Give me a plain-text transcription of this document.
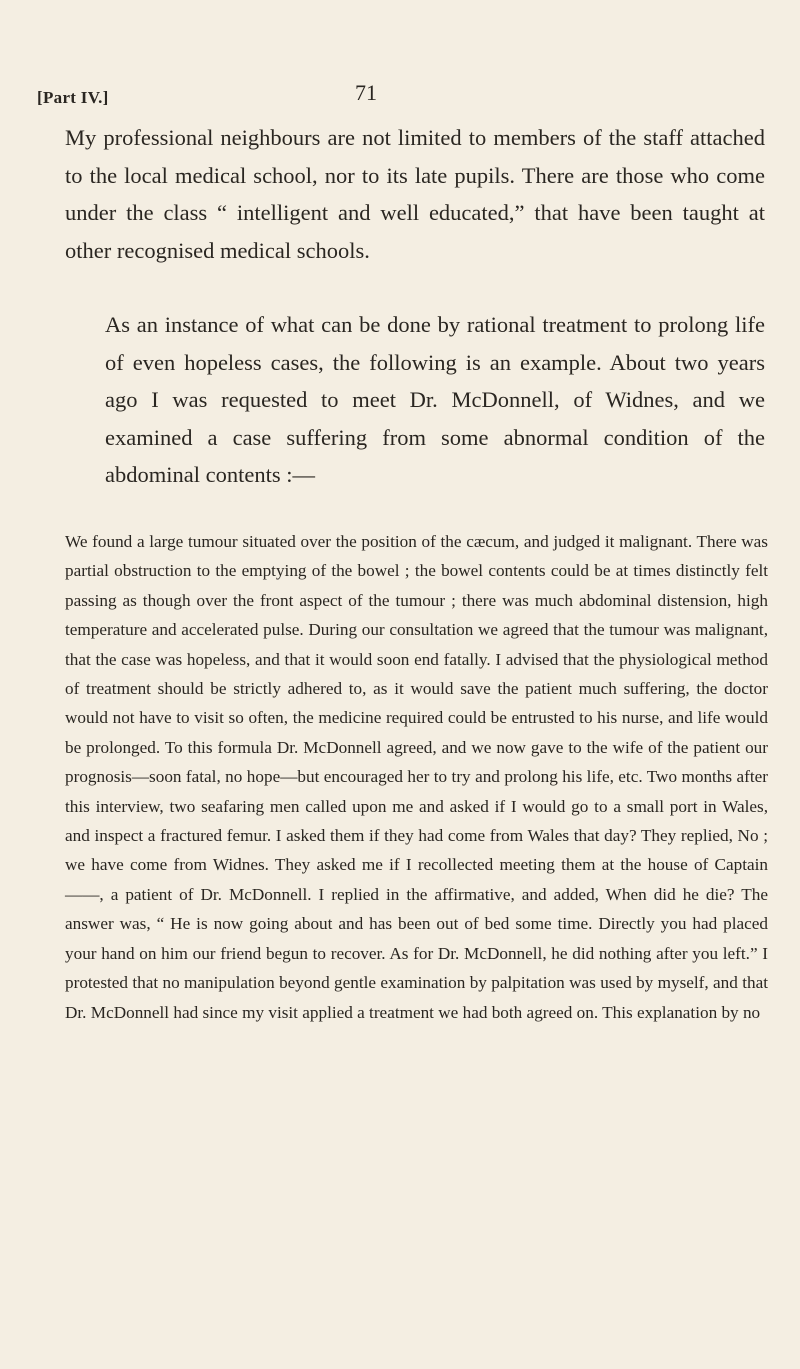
[Part IV.]	71

My professional neighbours are not limited to members of the staff attached to the local medical school, nor to its late pupils. There are those who come under the class “ intelligent and well educated,” that have been taught at other recognised medical schools.

As an instance of what can be done by rational treatment to prolong life of even hopeless cases, the following is an example. About two years ago I was requested to meet Dr. McDonnell, of Widnes, and we examined a case suffering from some abnormal condition of the abdominal contents :—

We found a large tumour situated over the position of the cæcum, and judged it malignant. There was partial obstruction to the emptying of the bowel ; the bowel contents could be at times distinctly felt passing as though over the front aspect of the tumour ; there was much abdominal distension, high temperature and accelerated pulse. During our consultation we agreed that the tumour was malignant, that the case was hopeless, and that it would soon end fatally. I advised that the physiological method of treatment should be strictly adhered to, as it would save the patient much suffering, the doctor would not have to visit so often, the medicine required could be entrusted to his nurse, and life would be prolonged. To this formula Dr. McDonnell agreed, and we now gave to the wife of the patient our prognosis—soon fatal, no hope—but encouraged her to try and prolong his life, etc. Two months after this interview, two seafaring men called upon me and asked if I would go to a small port in Wales, and inspect a fractured femur. I asked them if they had come from Wales that day? They replied, No ; we have come from Widnes. They asked me if I recollected meeting them at the house of Captain ——, a patient of Dr. McDonnell. I replied in the affirmative, and added, When did he die? The answer was, “ He is now going about and has been out of bed some time. Directly you had placed your hand on him our friend begun to recover. As for Dr. McDonnell, he did nothing after you left.” I protested that no manipulation beyond gentle examination by palpitation was used by myself, and that Dr. McDonnell had since my visit applied a treatment we had both agreed on. This explanation by no
